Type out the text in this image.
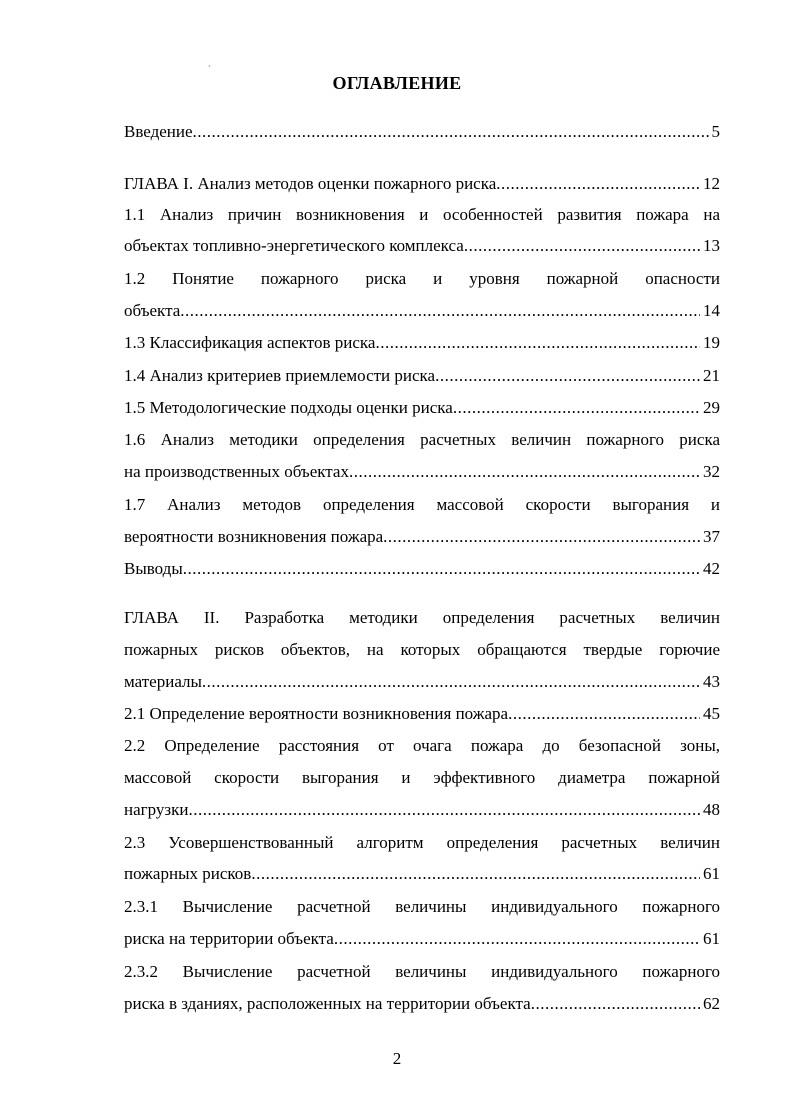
´
ОГЛАВЛЕНИЕ
Введение .....	5
ГЛАВА I. Анализ методов оценки пожарного риска .....	12
1.1 Анализ причин возникновения и особенностей развития пожара на
объектах топливно-энергетического комплекса .....	13
1.2 Понятие пожарного риска и уровня пожарной опасности
объекта .....	14
1.3 Классификация аспектов риска .....	19
1.4 Анализ критериев приемлемости риска .....	21
1.5 Методологические подходы оценки риска .....	29
1.6 Анализ методики определения расчетных величин пожарного риска
на производственных объектах .....	32
1.7 Анализ методов определения массовой скорости выгорания и
вероятности возникновения пожара .....	37
Выводы .....	42
ГЛАВА II. Разработка методики определения расчетных величин
пожарных рисков объектов, на которых обращаются твердые горючие
материалы .....	43
2.1 Определение вероятности возникновения пожара .....	45
2.2 Определение расстояния от очага пожара до безопасной зоны,
массовой скорости выгорания и эффективного диаметра пожарной
нагрузки .....	48
2.3 Усовершенствованный алгоритм определения расчетных величин
пожарных рисков .....	61
2.3.1 Вычисление расчетной величины индивидуального пожарного
риска на территории объекта .....	61
2.3.2 Вычисление расчетной величины индивидуального пожарного
риска в зданиях, расположенных на территории объекта .....	62
2
